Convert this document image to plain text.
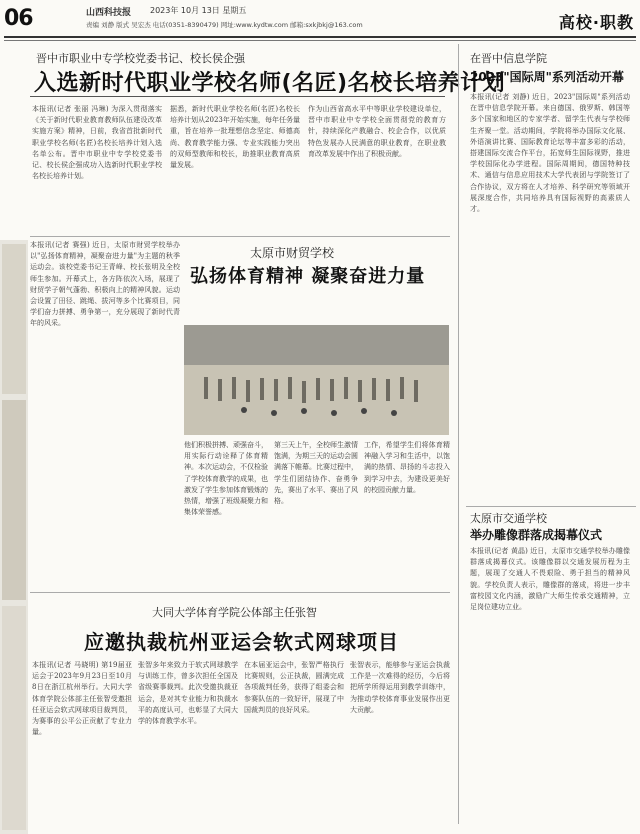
06	山西科技报 2023年 10月 13日 星期五
责编 刘静 版式 吴宏杰 电话(0351-8390479) 网址:www.kydtw.com 邮箱:sxkjbkj@163.com	高校·职教
晋中市职业中专学校党委书记、校长侯企强
入选新时代职业学校名师(名匠)名校长培养计划
本报讯(记者 张丽 冯琳) 为深入贯彻落实《关于新时代职业教育教师队伍建设改革实施方案》精神，日前，我省首批新时代职业学校名师(名匠)名校长培养计划入选名单公布。晋中市职业中专学校党委书记、校长侯企强成功入选新时代职业学校名校长培养计划。
据悉，新时代职业学校名师(名匠)名校长培养计划从2023年开始实施，每年任务量重，旨在培养一批理想信念坚定、师德高尚、教育教学能力强、专业实践能力突出的双师型教师和校长，助推职业教育高质量发展。
作为山西省高水平中等职业学校建设单位，晋中市职业中专学校全面贯彻党的教育方针，持续深化产教融合、校企合作，以优质特色发展办人民满意的职业教育，在职业教育改革发展中作出了积极贡献。
本报讯(记者 赛强) 近日，太原市财贸学校举办以"弘扬体育精神，凝聚奋进力量"为主题的秋季运动会。该校党委书记王青峰、校长张明及全校师生参加。开幕式上，各方阵依次入场，展现了财贸学子朝气蓬勃、积极向上的精神风貌。运动会设置了田径、跳绳、拔河等多个比赛项目，同学们奋力拼搏、勇争第一，充分展现了新时代青年的风采。
太原市财贸学校
弘扬体育精神 凝聚奋进力量
他们积极拼搏、顽强奋斗，用实际行动诠释了体育精神。本次运动会，不仅检验了学校体育教学的成果，也激发了学生参加体育锻炼的热情，增强了班级凝聚力和集体荣誉感。
第三天上午，全校师生激情饱满，为期三天的运动会圆满落下帷幕。比赛过程中，学生们团结协作、奋勇争先，赛出了水平、赛出了风格。
工作，希望学生们将体育精神融入学习和生活中，以饱满的热情、昂扬的斗志投入到学习中去，为建设更美好的校园贡献力量。
在晋中信息学院
2023"国际周"系列活动开幕
本报讯(记者 刘静) 近日，2023"国际周"系列活动在晋中信息学院开幕。来自德国、俄罗斯、韩国等多个国家和地区的专家学者、留学生代表与学校师生齐聚一堂。活动期间，学院将举办国际文化展、外语演讲比赛、国际教育论坛等丰富多彩的活动，搭建国际交流合作平台，拓宽师生国际视野，推进学校国际化办学进程。国际周期间，德国特种技术、通信与信息应用技术大学代表团与学院签订了合作协议，双方将在人才培养、科学研究等领域开展深度合作，共同培养具有国际视野的高素质人才。
太原市交通学校
举办雕像群落成揭幕仪式
本报讯(记者 黄晶) 近日，太原市交通学校举办雕像群落成揭幕仪式。该雕像群以交通发展历程为主题，展现了交通人不畏艰险、勇于担当的精神风貌。学校负责人表示，雕像群的落成，将进一步丰富校园文化内涵，激励广大师生传承交通精神，立足岗位建功立业。
大同大学体育学院公体部主任张智
应邀执裁杭州亚运会软式网球项目
本报讯(记者 马晓明) 第19届亚运会于2023年9月23日至10月8日在浙江杭州举行。大同大学体育学院公体部主任张智受邀担任亚运会软式网球项目裁判员，为赛事的公平公正贡献了专业力量。
张智多年来致力于软式网球教学与训练工作，曾多次担任全国及省级赛事裁判。此次受邀执裁亚运会，是对其专业能力和执裁水平的高度认可，也彰显了大同大学的体育教学水平。
在本届亚运会中，张智严格执行比赛规则，公正执裁，圆满完成各项裁判任务，获得了组委会和参赛队伍的一致好评，展现了中国裁判员的良好风采。
张智表示，能够参与亚运会执裁工作是一次难得的经历，今后将把所学所得运用到教学训练中，为推动学校体育事业发展作出更大贡献。
